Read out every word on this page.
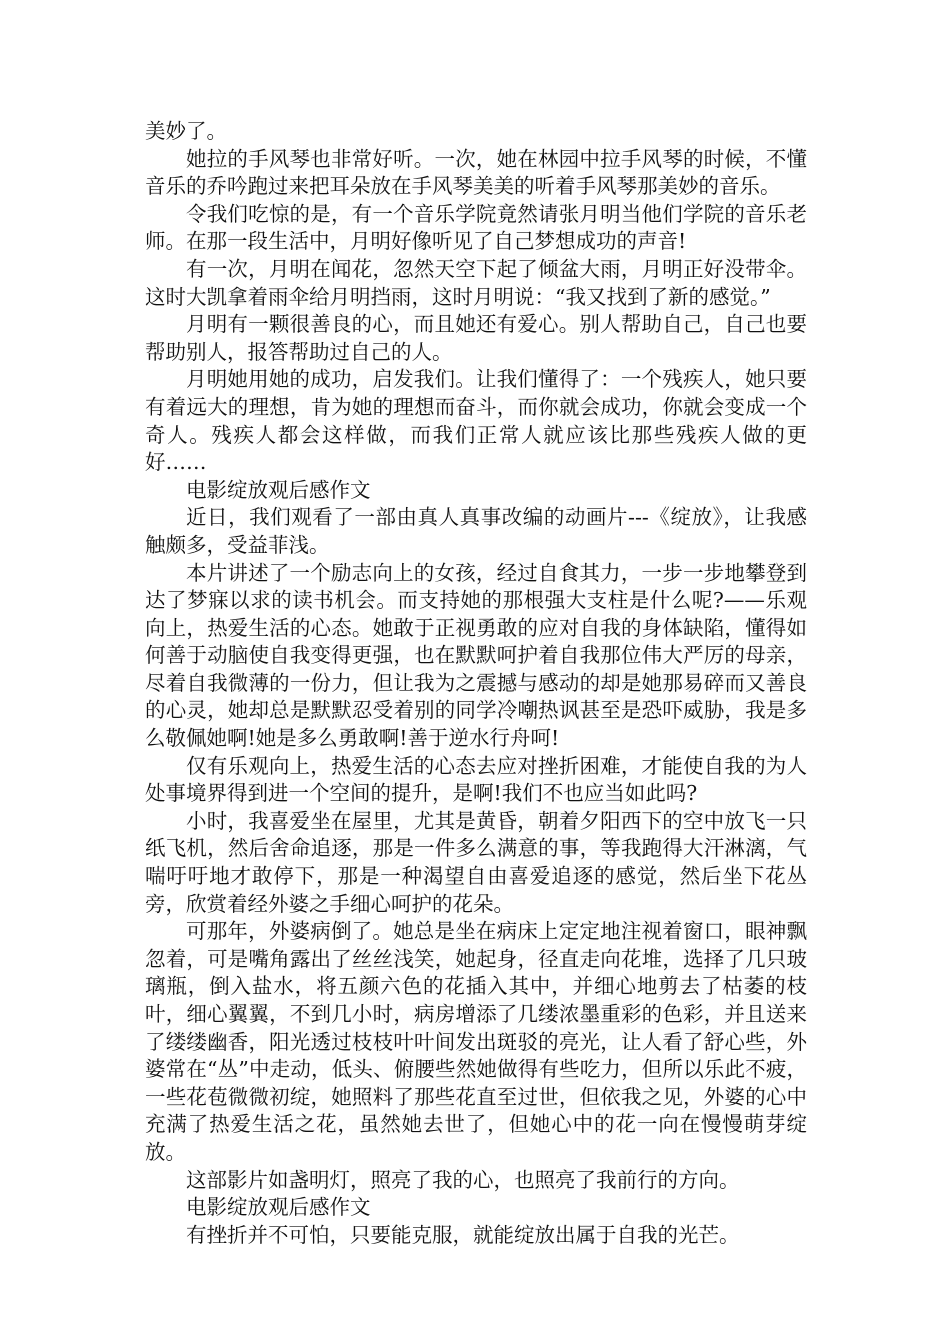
美妙了。

她拉的手风琴也非常好听。一次，她在林园中拉手风琴的时候，不懂音乐的乔吟跑过来把耳朵放在手风琴美美的听着手风琴那美妙的音乐。

令我们吃惊的是，有一个音乐学院竟然请张月明当他们学院的音乐老师。在那一段生活中，月明好像听见了自己梦想成功的声音!

有一次，月明在闻花，忽然天空下起了倾盆大雨，月明正好没带伞。这时大凯拿着雨伞给月明挡雨，这时月明说：“我又找到了新的感觉。”

月明有一颗很善良的心，而且她还有爱心。别人帮助自己，自己也要帮助别人，报答帮助过自己的人。

月明她用她的成功，启发我们。让我们懂得了：一个残疾人，她只要有着远大的理想，肯为她的理想而奋斗，而你就会成功，你就会变成一个奇人。残疾人都会这样做，而我们正常人就应该比那些残疾人做的更好……

电影绽放观后感作文

近日，我们观看了一部由真人真事改编的动画片---《绽放》，让我感触颇多，受益菲浅。

本片讲述了一个励志向上的女孩，经过自食其力，一步一步地攀登到达了梦寐以求的读书机会。而支持她的那根强大支柱是什么呢?——乐观向上，热爱生活的心态。她敢于正视勇敢的应对自我的身体缺陷，懂得如何善于动脑使自我变得更强，也在默默呵护着自我那位伟大严厉的母亲，尽着自我微薄的一份力，但让我为之震撼与感动的却是她那易碎而又善良的心灵，她却总是默默忍受着别的同学冷嘲热讽甚至是恐吓威胁，我是多么敬佩她啊!她是多么勇敢啊!善于逆水行舟呵!

仅有乐观向上，热爱生活的心态去应对挫折困难，才能使自我的为人处事境界得到进一个空间的提升，是啊!我们不也应当如此吗?

小时，我喜爱坐在屋里，尤其是黄昏，朝着夕阳西下的空中放飞一只纸飞机，然后舍命追逐，那是一件多么满意的事，等我跑得大汗淋漓，气喘吁吁地才敢停下，那是一种渴望自由喜爱追逐的感觉，然后坐下花丛旁，欣赏着经外婆之手细心呵护的花朵。

可那年，外婆病倒了。她总是坐在病床上定定地注视着窗口，眼神飘忽着，可是嘴角露出了丝丝浅笑，她起身，径直走向花堆，选择了几只玻璃瓶，倒入盐水，将五颜六色的花插入其中，并细心地剪去了枯萎的枝叶，细心翼翼，不到几小时，病房增添了几缕浓墨重彩的色彩，并且送来了缕缕幽香，阳光透过枝枝叶叶间发出斑驳的亮光，让人看了舒心些，外婆常在“丛”中走动，低头、俯腰些然她做得有些吃力，但所以乐此不疲，一些花苞微微初绽，她照料了那些花直至过世，但依我之见，外婆的心中充满了热爱生活之花，虽然她去世了，但她心中的花一向在慢慢萌芽绽放。

这部影片如盏明灯，照亮了我的心，也照亮了我前行的方向。

电影绽放观后感作文

有挫折并不可怕，只要能克服，就能绽放出属于自我的光芒。
